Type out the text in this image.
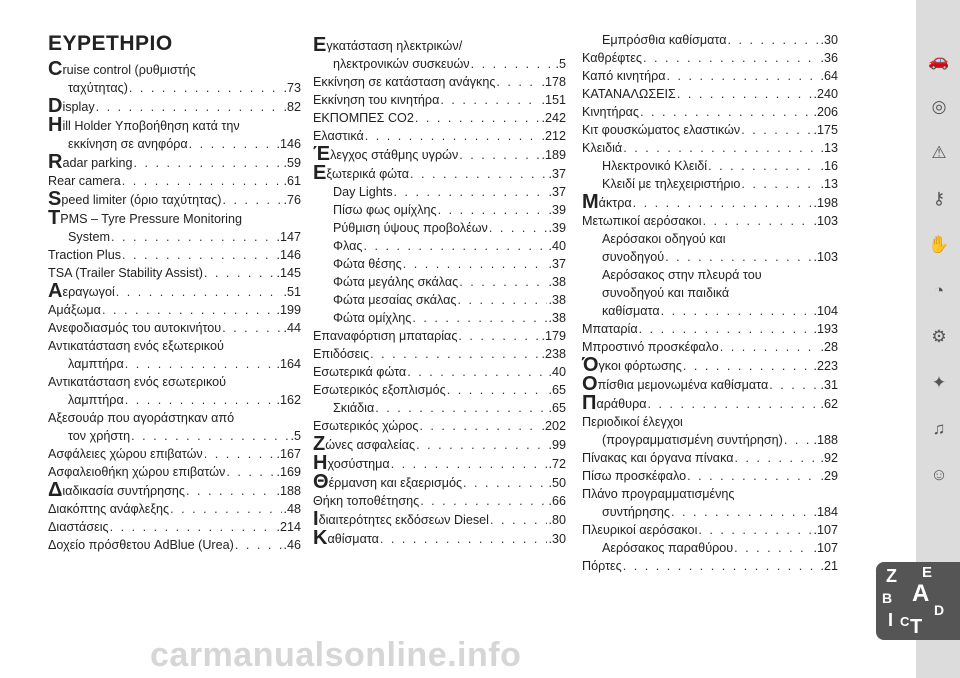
ΕΥΡΕΤΗΡΙΟ
Cruise control (ρυθμιστής
ταχύτητας) . . .	.73
Display . . .	.82
Hill Holder Υποβοήθηση κατά την
εκκίνηση σε ανηφόρα . . .	.146
Radar parking . . .	.59
Rear camera . . .	.61
Speed limiter (όριο ταχύτητας) . . .	.76
TPMS – Tyre Pressure Monitoring
System . . .	.147
Traction Plus . . .	.146
TSA (Trailer Stability Assist) . . .	.145
Αεραγωγοί . . .	.51
Αμάξωμα . . .	.199
Ανεφοδιασμός του αυτοκινήτου . . .	.44
Αντικατάσταση ενός εξωτερικού
λαμπτήρα . . .	.164
Αντικατάσταση ενός εσωτερικού
λαμπτήρα . . .	.162
Αξεσουάρ που αγοράστηκαν από
τον χρήστη . . .	.5
Ασφάλειες χώρου επιβατών . . .	.167
Ασφαλειοθήκη χώρου επιβατών . . .	.169
Διαδικασία συντήρησης . . .	.188
Διακόπτης ανάφλεξης . . .	.48
Διαστάσεις . . .	.214
Δοχείο πρόσθετου AdBlue (Urea) . . .	.46
Εγκατάσταση ηλεκτρικών/
ηλεκτρονικών συσκευών . . .	.5
Εκκίνηση σε κατάσταση ανάγκης . . .	.178
Εκκίνηση του κινητήρα . . .	.151
ΕΚΠΟΜΠΕΣ CO2 . . .	.242
Ελαστικά . . .	.212
Έλεγχος στάθμης υγρών . . .	.189
Εξωτερικά φώτα . . .	.37
Day Lights . . .	.37
Πίσω φως ομίχλης . . .	.39
Ρύθμιση ύψους προβολέων . . .	.39
Φλας . . .	.40
Φώτα θέσης . . .	.37
Φώτα μεγάλης σκάλας . . .	.38
Φώτα μεσαίας σκάλας . . .	.38
Φώτα ομίχλης . . .	.38
Επαναφόρτιση μπαταρίας . . .	.179
Επιδόσεις . . .	.238
Εσωτερικά φώτα . . .	.40
Εσωτερικός εξοπλισμός . . .	.65
Σκιάδια . . .	.65
Εσωτερικός χώρος . . .	.202
Ζώνες ασφαλείας . . .	.99
Ηχοσύστημα . . .	.72
Θέρμανση και εξαερισμός . . .	.50
Θήκη τοποθέτησης . . .	.66
Ιδιαιτερότητες εκδόσεων Diesel . . .	.80
Καθίσματα . . .	.30
Εμπρόσθια καθίσματα . . .	.30
Καθρέφτες . . .	.36
Καπό κινητήρα . . .	.64
ΚΑΤΑΝΑΛΩΣΕΙΣ . . .	.240
Κινητήρας . . .	.206
Κιτ φουσκώματος ελαστικών . . .	.175
Κλειδιά . . .	.13
Ηλεκτρονικό Κλειδί . . .	.16
Κλειδί με τηλεχειριστήριο . . .	.13
Μάκτρα . . .	.198
Μετωπικοί αερόσακοι . . .	.103
Αερόσακοι οδηγού και
συνοδηγού . . .	.103
Αερόσακος στην πλευρά του
συνοδηγού και παιδικά
καθίσματα . . .	.104
Μπαταρία . . .	.193
Μπροστινό προσκέφαλο . . .	.28
Όγκοι φόρτωσης . . .	.223
Οπίσθια μεμονωμένα καθίσματα . . .	.31
Παράθυρα . . .	.62
Περιοδικοί έλεγχοι
(προγραμματισμένη συντήρηση) . . . .188
Πίνακας και όργανα πίνακα . . .	.92
Πίσω προσκέφαλο . . .	.29
Πλάνο προγραμματισμένης
συντήρησης . . .	.184
Πλευρικοί αερόσακοι . . .	.107
Αερόσακος παραθύρου . . .	.107
Πόρτες . . .	.21
🚗
◎
⚠
⚷
✋
◔
⚙
✦
♫
☺
Z E
B A
I C T
D
carmanualsonline.info
